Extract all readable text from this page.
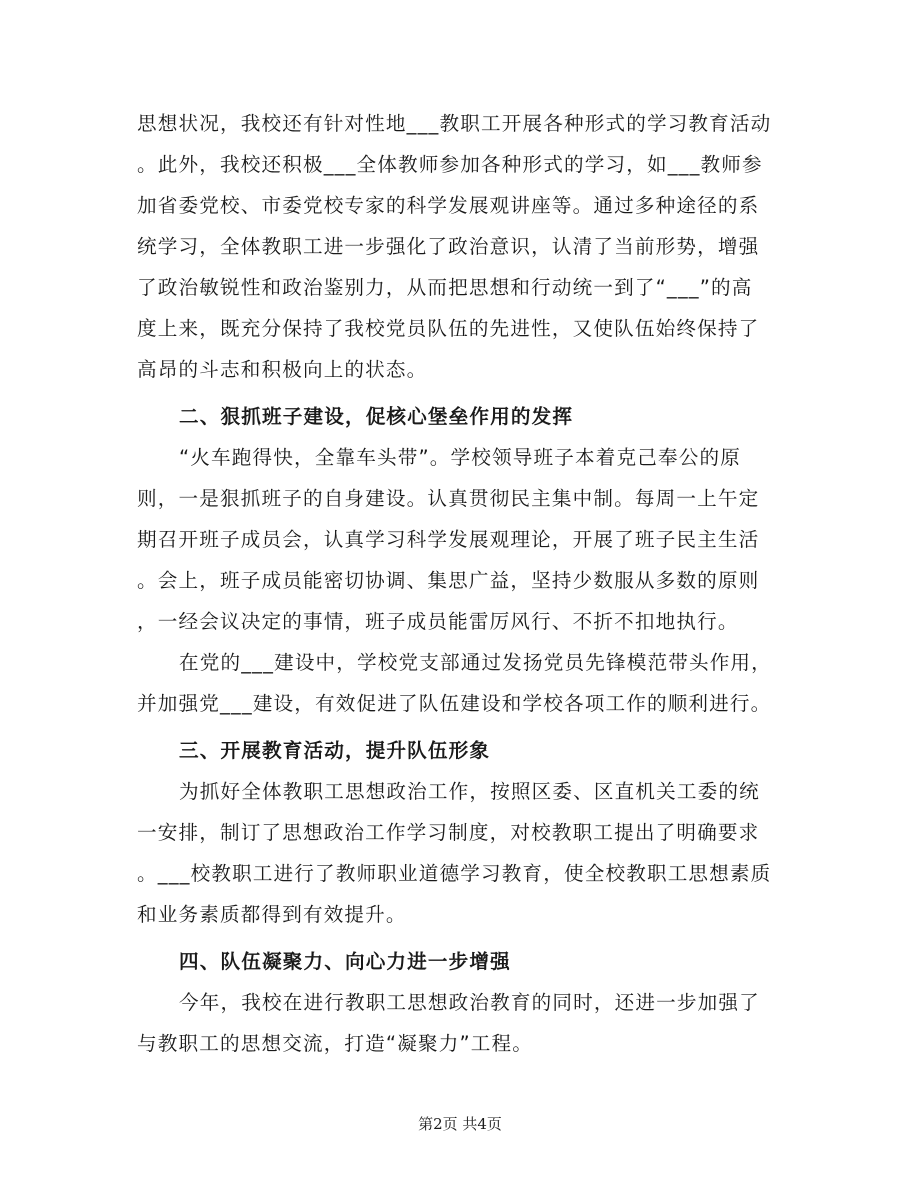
思想状况，我校还有针对性地___教职工开展各种形式的学习教育活动
。此外，我校还积极___全体教师参加各种形式的学习，如___教师参
加省委党校、市委党校专家的科学发展观讲座等。通过多种途径的系
统学习，全体教职工进一步强化了政治意识，认清了当前形势，增强
了政治敏锐性和政治鉴别力，从而把思想和行动统一到了“___”的高
度上来，既充分保持了我校党员队伍的先进性，又使队伍始终保持了
高昂的斗志和积极向上的状态。
二、狠抓班子建设，促核心堡垒作用的发挥
“火车跑得快，全靠车头带”。学校领导班子本着克己奉公的原
则，一是狠抓班子的自身建设。认真贯彻民主集中制。每周一上午定
期召开班子成员会，认真学习科学发展观理论，开展了班子民主生活
。会上，班子成员能密切协调、集思广益，坚持少数服从多数的原则
，一经会议决定的事情，班子成员能雷厉风行、不折不扣地执行。
在党的___建设中，学校党支部通过发扬党员先锋模范带头作用，
并加强党___建设，有效促进了队伍建设和学校各项工作的顺利进行。
三、开展教育活动，提升队伍形象
为抓好全体教职工思想政治工作，按照区委、区直机关工委的统
一安排，制订了思想政治工作学习制度，对校教职工提出了明确要求
。___校教职工进行了教师职业道德学习教育，使全校教职工思想素质
和业务素质都得到有效提升。
四、队伍凝聚力、向心力进一步增强
今年，我校在进行教职工思想政治教育的同时，还进一步加强了
与教职工的思想交流，打造“凝聚力”工程。
第2页 共4页
